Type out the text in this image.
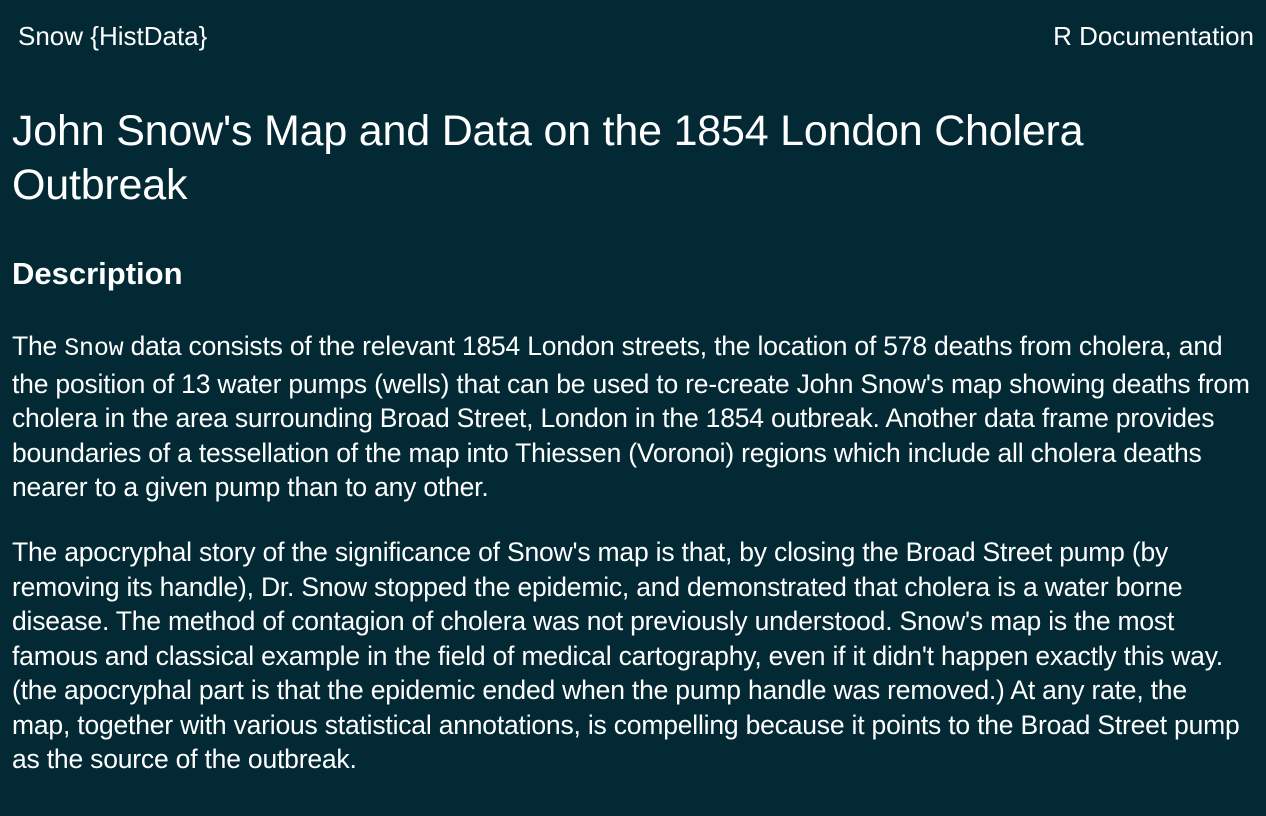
Snow {HistData}	R Documentation
John Snow's Map and Data on the 1854 London Cholera Outbreak
Description

The Snow data consists of the relevant 1854 London streets, the location of 578 deaths from cholera, and the position of 13 water pumps (wells) that can be used to re-create John Snow's map showing deaths from cholera in the area surrounding Broad Street, London in the 1854 outbreak. Another data frame provides boundaries of a tessellation of the map into Thiessen (Voronoi) regions which include all cholera deaths nearer to a given pump than to any other.

The apocryphal story of the significance of Snow's map is that, by closing the Broad Street pump (by removing its handle), Dr. Snow stopped the epidemic, and demonstrated that cholera is a water borne disease. The method of contagion of cholera was not previously understood. Snow's map is the most famous and classical example in the field of medical cartography, even if it didn't happen exactly this way. (the apocryphal part is that the epidemic ended when the pump handle was removed.) At any rate, the map, together with various statistical annotations, is compelling because it points to the Broad Street pump as the source of the outbreak.
